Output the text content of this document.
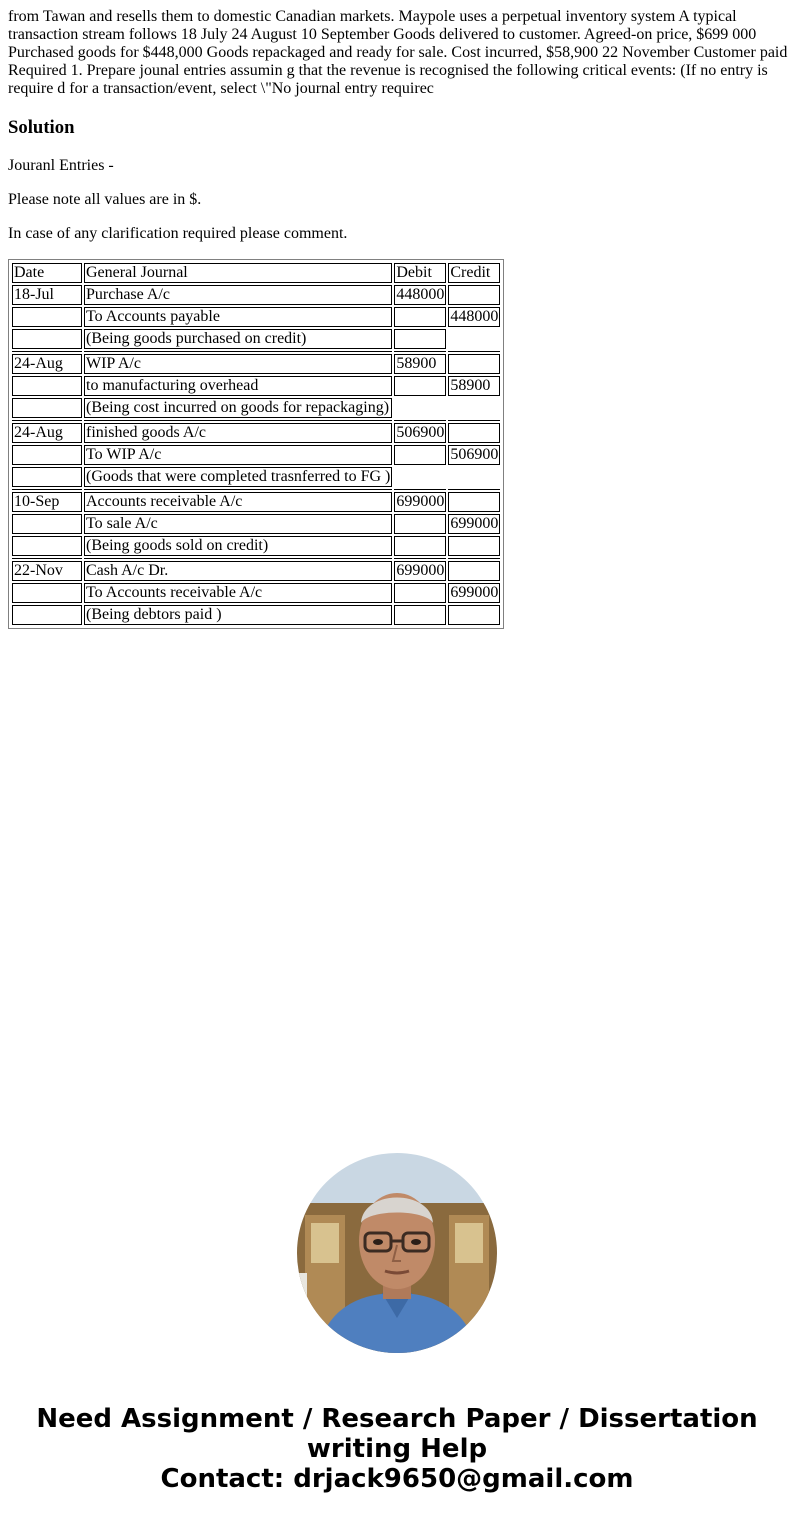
from Tawan and resells them to domestic Canadian markets. Maypole uses a perpetual inventory system A typical transaction stream follows 18 July 24 August 10 September Goods delivered to customer. Agreed-on price, $699 000 Purchased goods for $448,000 Goods repackaged and ready for sale. Cost incurred, $58,900 22 November Customer paid Required 1. Prepare jounal entries assumin g that the revenue is recognised the following critical events: (If no entry is require d for a transaction/event, select \"No journal entry requirec

Solution

Jouranl Entries -

Please note all values are in $.

In case of any clarification required please comment.

Date	General Journal	Debit	Credit
18-Jul	Purchase A/c	448000	
	To Accounts payable		448000
	(Being goods purchased on credit)		

24-Aug	WIP A/c	58900	
	to manufacturing overhead		58900
	(Being cost incurred on goods for repackaging)		

24-Aug	finished goods A/c	506900	
	To WIP A/c		506900
	(Goods that were completed trasnferred to FG )		

10-Sep	Accounts receivable A/c	699000	
	To sale A/c		699000
	(Being goods sold on credit)		

22-Nov	Cash A/c Dr.	699000	
	To Accounts receivable A/c		699000
	(Being debtors paid )		
Need Assignment / Research Paper / Dissertation
writing Help
Contact: drjack9650@gmail.com
